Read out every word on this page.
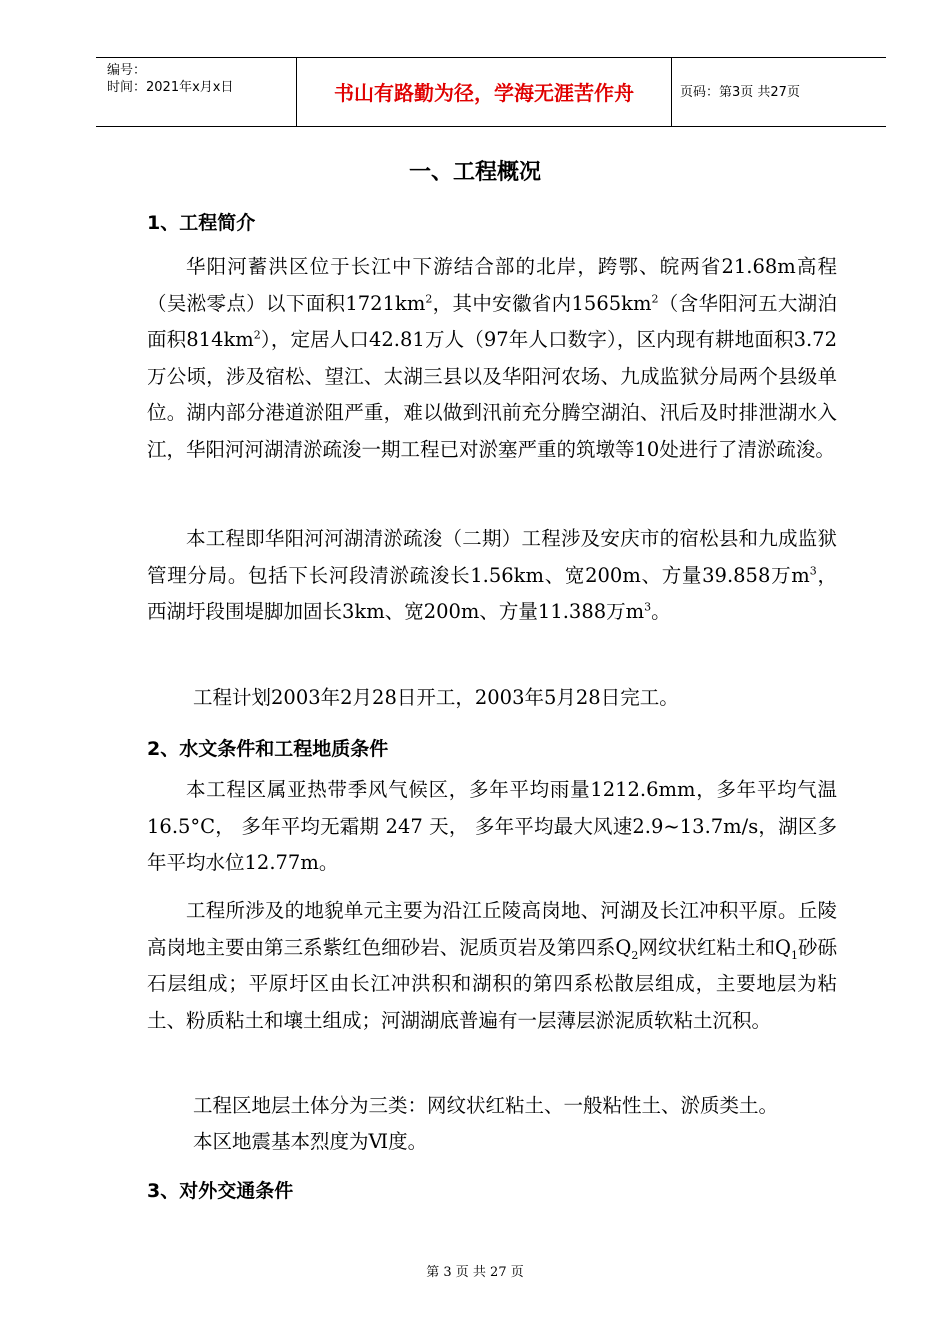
编号：
时间：2021年x月x日	书山有路勤为径，学海无涯苦作舟	页码：第3页 共27页
一、工程概况
1、工程简介

华阳河蓄洪区位于长江中下游结合部的北岸，跨鄂、皖两省21.68m高程（吴淞零点）以下面积$1721km^2$，其中安徽省内$1565km^2$（含华阳河五大湖泊面积$814km^2$），定居人口42.81万人（97年人口数字），区内现有耕地面积3.72万公顷，涉及宿松、望江、太湖三县以及华阳河农场、九成监狱分局两个县级单位。湖内部分港道淤阻严重，难以做到汛前充分腾空湖泊、汛后及时排泄湖水入江，华阳河河湖清淤疏浚一期工程已对淤塞严重的筑墩等10处进行了清淤疏浚。

本工程即华阳河河湖清淤疏浚（二期）工程涉及安庆市的宿松县和九成监狱管理分局。包括下长河段清淤疏浚长1.56km、宽200m、方量39.858万$m^3$，西湖圩段围堤脚加固长3km、宽200m、方量11.388万$m^3$。

工程计划2003年2月28日开工，2003年5月28日完工。
2、水文条件和工程地质条件

本工程区属亚热带季风气候区，多年平均雨量1212.6mm，多年平均气温 16.5°C， 多年平均无霜期 247 天， 多年平均最大风速2.9~13.7m/s，湖区多年平均水位12.77m。

工程所涉及的地貌单元主要为沿江丘陵高岗地、河湖及长江冲积平原。丘陵高岗地主要由第三系紫红色细砂岩、泥质页岩及第四系$Q_2$网纹状红粘土和$Q_1$砂砾石层组成；平原圩区由长江冲洪积和湖积的第四系松散层组成，主要地层为粘土、粉质粘土和壤土组成；河湖湖底普遍有一层薄层淤泥质软粘土沉积。

工程区地层土体分为三类：网纹状红粘土、一般粘性土、淤质类土。
本区地震基本烈度为Ⅵ度。
3、对外交通条件
第 3 页 共 27 页
